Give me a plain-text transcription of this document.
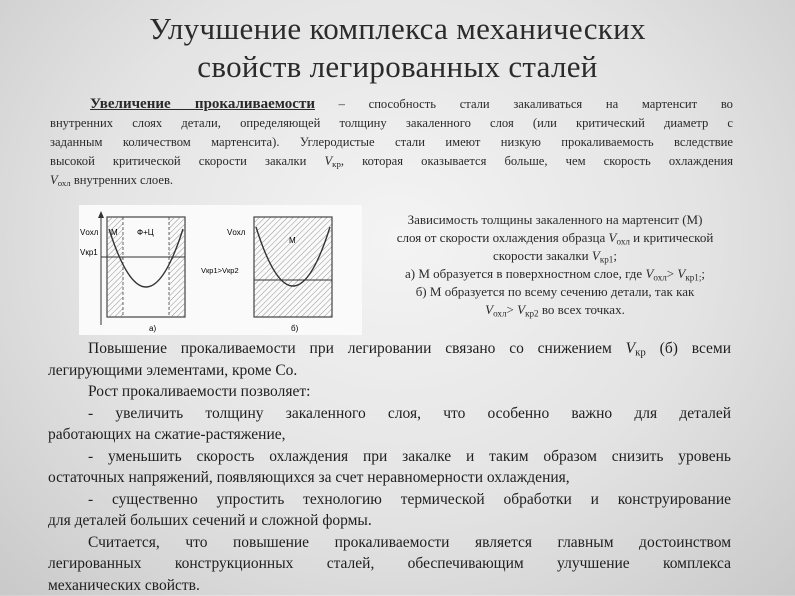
Улучшение комплекса механических
свойств легированных сталей
Увеличение прокаливаемости – способность стали закаливаться на мартенсит во
внутренних слоях детали, определяющей толщину закаленного слоя (или критический диаметр с
заданным количеством мартенсита). Углеродистые стали имеют низкую прокаливаемость вследствие
высокой критической скорости закалки $V_{кр}$, которая оказывается больше, чем скорость охлаждения
$V_{охл}$ внутренних слоев.
Vохл
Vкр1
М Ф+Ц
а)
Vохл
Vкр1>Vкр2
М
б)
Зависимость толщины закаленного на мартенсит (М)
слоя от скорости охлаждения образца $V_{охл}$ и критической
скорости закалки $V_{кр1}$;
а) М образуется в поверхностном слое, где $V_{охл}> V_{кр1;}$;
б) М образуется по всему сечению детали, так как
$V_{охл}> V_{кр2}$ во всех точках.
Повышение прокаливаемости при легировании связано со снижением $V_{кр}$ (б) всеми
легирующими элементами, кроме Со.
Рост прокаливаемости позволяет:
- увеличить толщину закаленного слоя, что особенно важно для деталей
работающих на сжатие-растяжение,
- уменьшить скорость охлаждения при закалке и таким образом снизить уровень
остаточных напряжений, появляющихся за счет неравномерности охлаждения,
- существенно упростить технологию термической обработки и конструирование
для деталей больших сечений и сложной формы.
Считается, что повышение прокаливаемости является главным достоинством
легированных конструкционных сталей, обеспечивающим улучшение комплекса
механических свойств.
